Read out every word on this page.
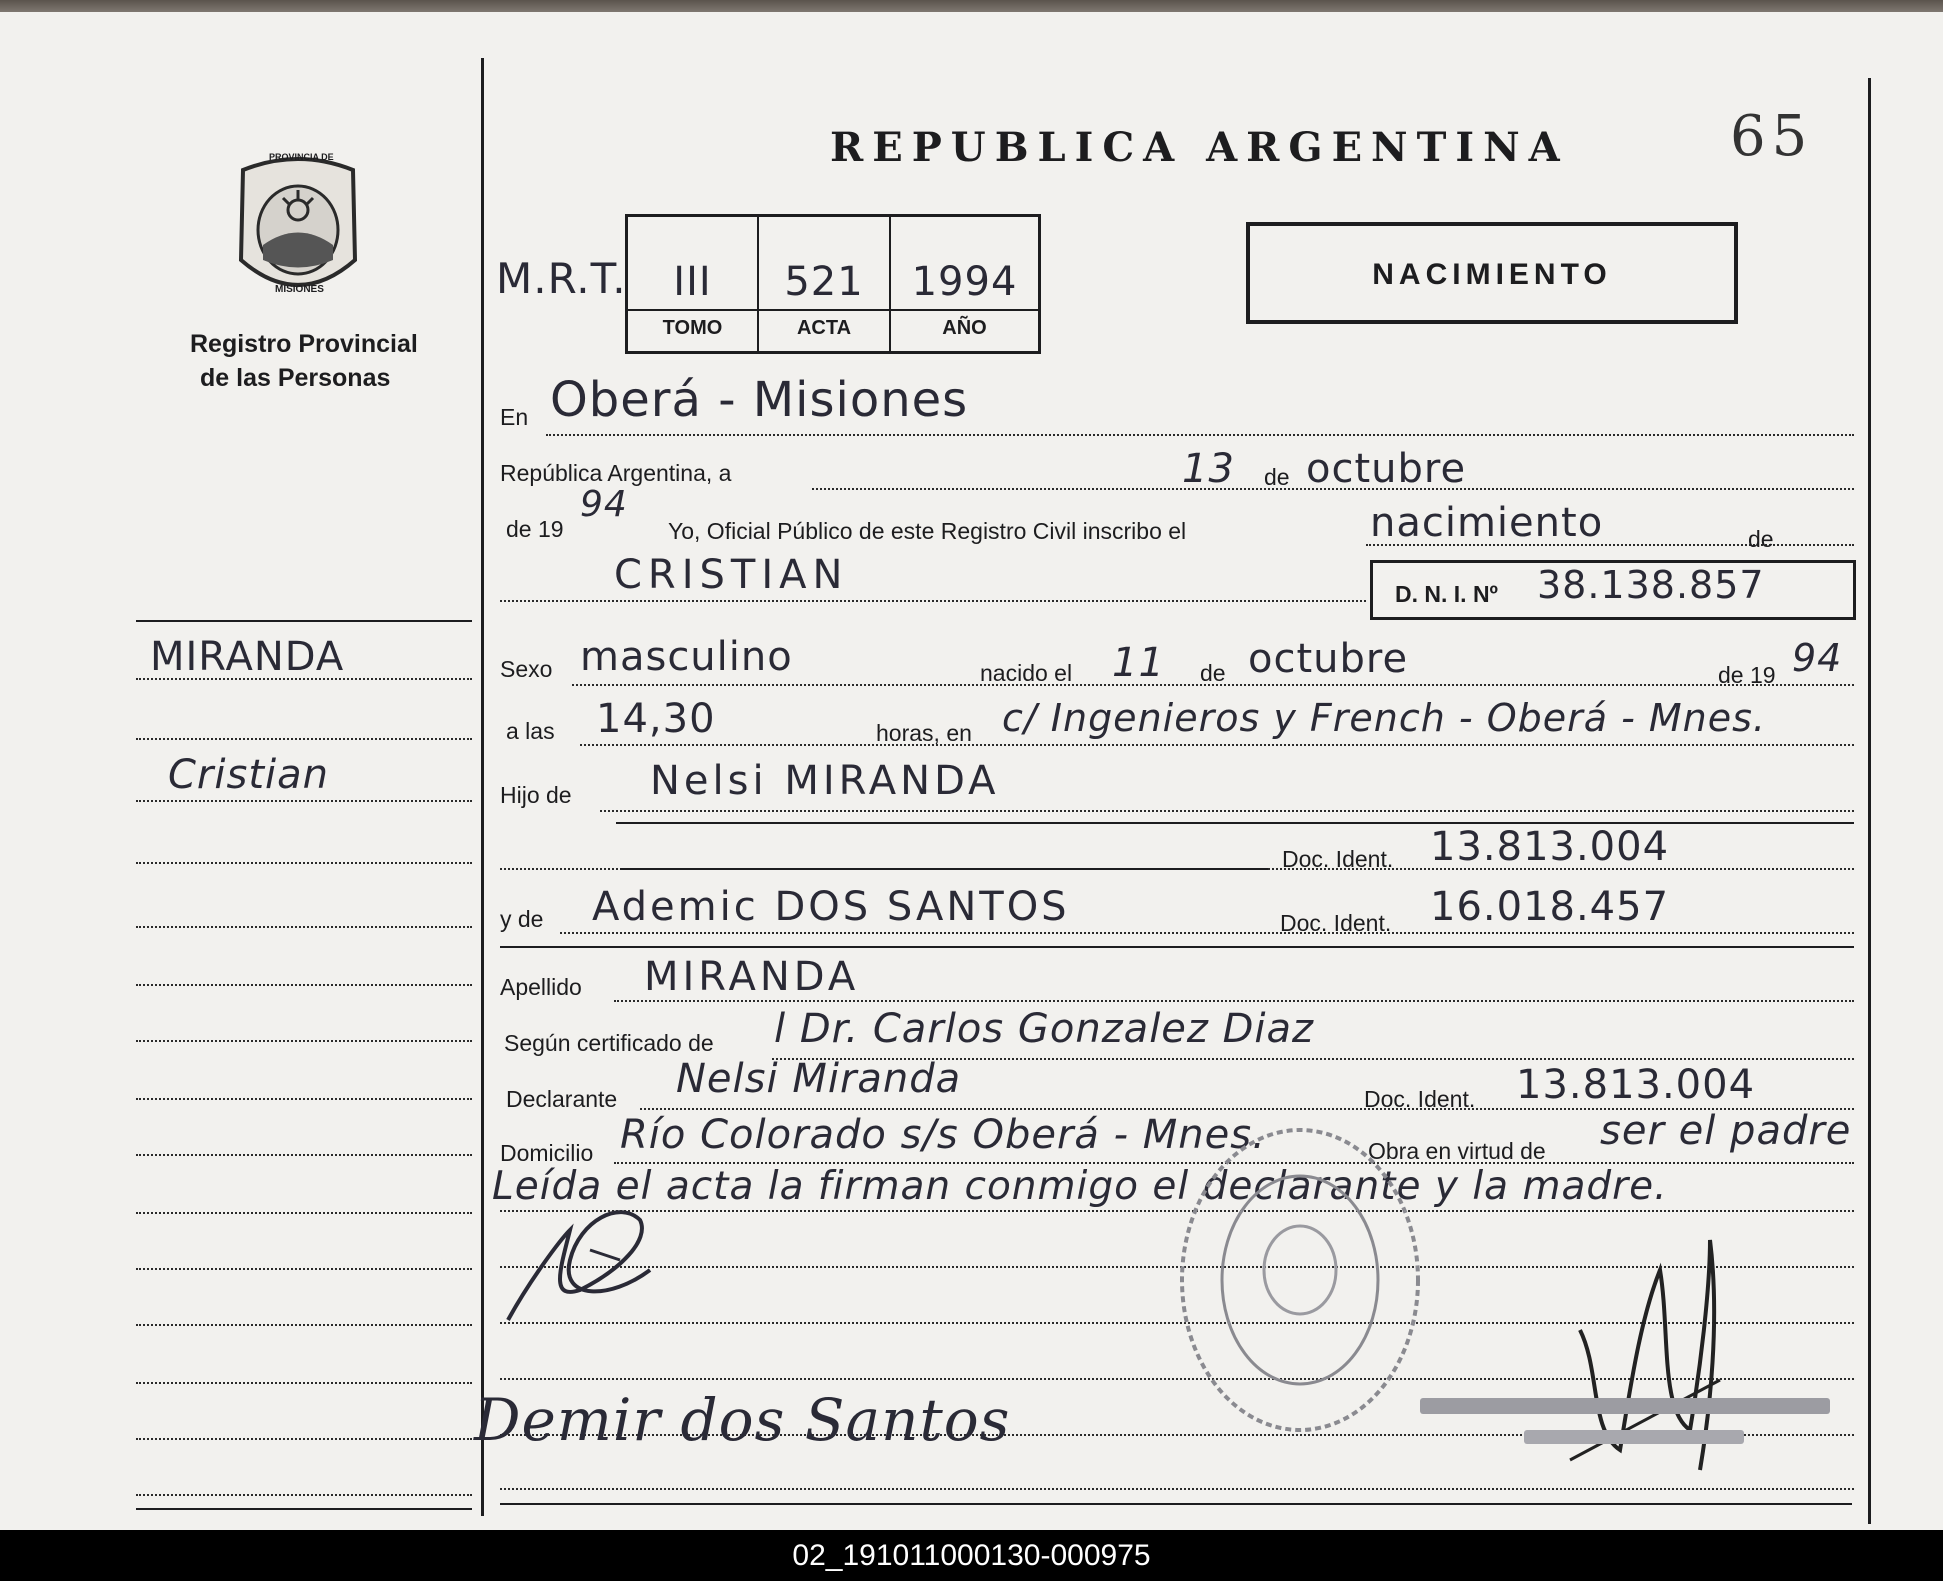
REPUBLICA ARGENTINA	65
PROVINCIA DE
MISIONES
Registro Provincial
de las Personas
NACIMIENTO
M.R.T.	III	521	1994
TOMO	ACTA	AÑO
MIRANDA
Cristian
En Oberá - Misiones
República Argentina, a	13 de octubre
de 19
94
Yo, Oficial Público de este Registro Civil inscribo el	nacimiento	de
CRISTIAN	D. N. I. Nº 38.138.857
Sexo masculino	nacido el 11 de octubre	de 19 94
a las 14,30	horas, en c/ Ingenieros y French - Oberá - Mnes.
Hijo de Nelsi MIRANDA
Doc. Ident. 13.813.004
y de Ademic DOS SANTOS	Doc. Ident. 16.018.457
Apellido MIRANDA
Según certificado de l Dr. Carlos Gonzalez Diaz
Declarante Nelsi Miranda	Doc. Ident. 13.813.004
Domicilio Río Colorado s/s Oberá - Mnes.	Obra en virtud de ser el padre
Leída el acta la firman conmigo el declarante y la madre.
Demir dos Santos
02_191011000130-000975
